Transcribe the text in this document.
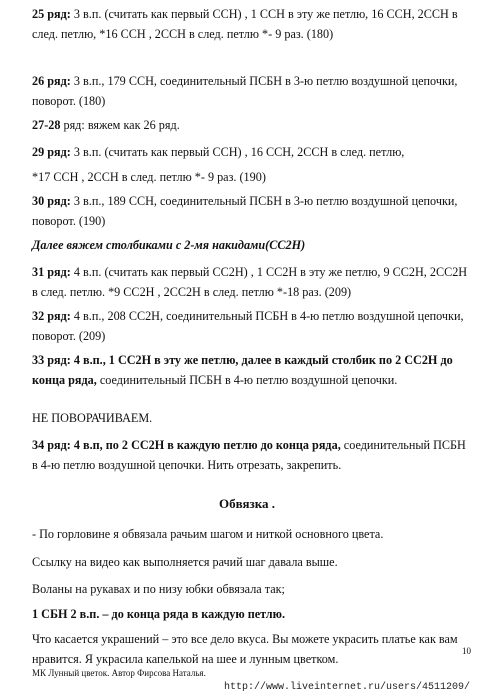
25 ряд: 3 в.п. (считать как первый ССН) , 1 ССН в эту же петлю, 16 ССН, 2ССН в след. петлю, *16 ССН , 2ССН в след. петлю *- 9 раз. (180)

26 ряд: 3 в.п., 179 ССН, соединительный ПСБН в 3-ю петлю воздушной цепочки, поворот. (180)

27-28 ряд: вяжем как 26 ряд.

29 ряд: 3 в.п. (считать как первый ССН) , 16 ССН, 2ССН в след. петлю,

*17 ССН , 2ССН в след. петлю *- 9 раз. (190)

30 ряд: 3 в.п., 189 ССН, соединительный ПСБН в 3-ю петлю воздушной цепочки, поворот. (190)

Далее вяжем столбиками с 2-мя накидами(СС2Н)

31 ряд: 4 в.п. (считать как первый СС2Н) , 1 СС2Н в эту же петлю, 9 СС2Н, 2СС2Н в след. петлю. *9 СС2Н , 2СС2Н в след. петлю *-18 раз. (209)

32 ряд: 4 в.п., 208 СС2Н, соединительный ПСБН в 4-ю петлю воздушной цепочки, поворот. (209)

33 ряд: 4 в.п., 1 СС2Н в эту же петлю, далее в каждый столбик по 2 СС2Н до конца ряда, соединительный ПСБН в 4-ю петлю воздушной цепочки.

НЕ ПОВОРАЧИВАЕМ.

34 ряд: 4 в.п, по 2 СС2Н в каждую петлю до конца ряда, соединительный ПСБН в 4-ю петлю воздушной цепочки. Нить отрезать, закрепить.

Обвязка .

- По горловине я обвязала рачьим шагом и ниткой основного цвета.

Ссылку на видео как выполняется рачий шаг давала выше.

Воланы на рукавах и по низу юбки обвязала так;

1 СБН 2 в.п. – до конца ряда в каждую петлю.

Что касается украшений – это все дело вкуса. Вы можете украсить платье как вам нравится. Я украсила капелькой на шее и лунным цветком.

МК Лунный цветок. Автор Фирсова Наталья.
10
http://www.liveinternet.ru/users/4511209/
